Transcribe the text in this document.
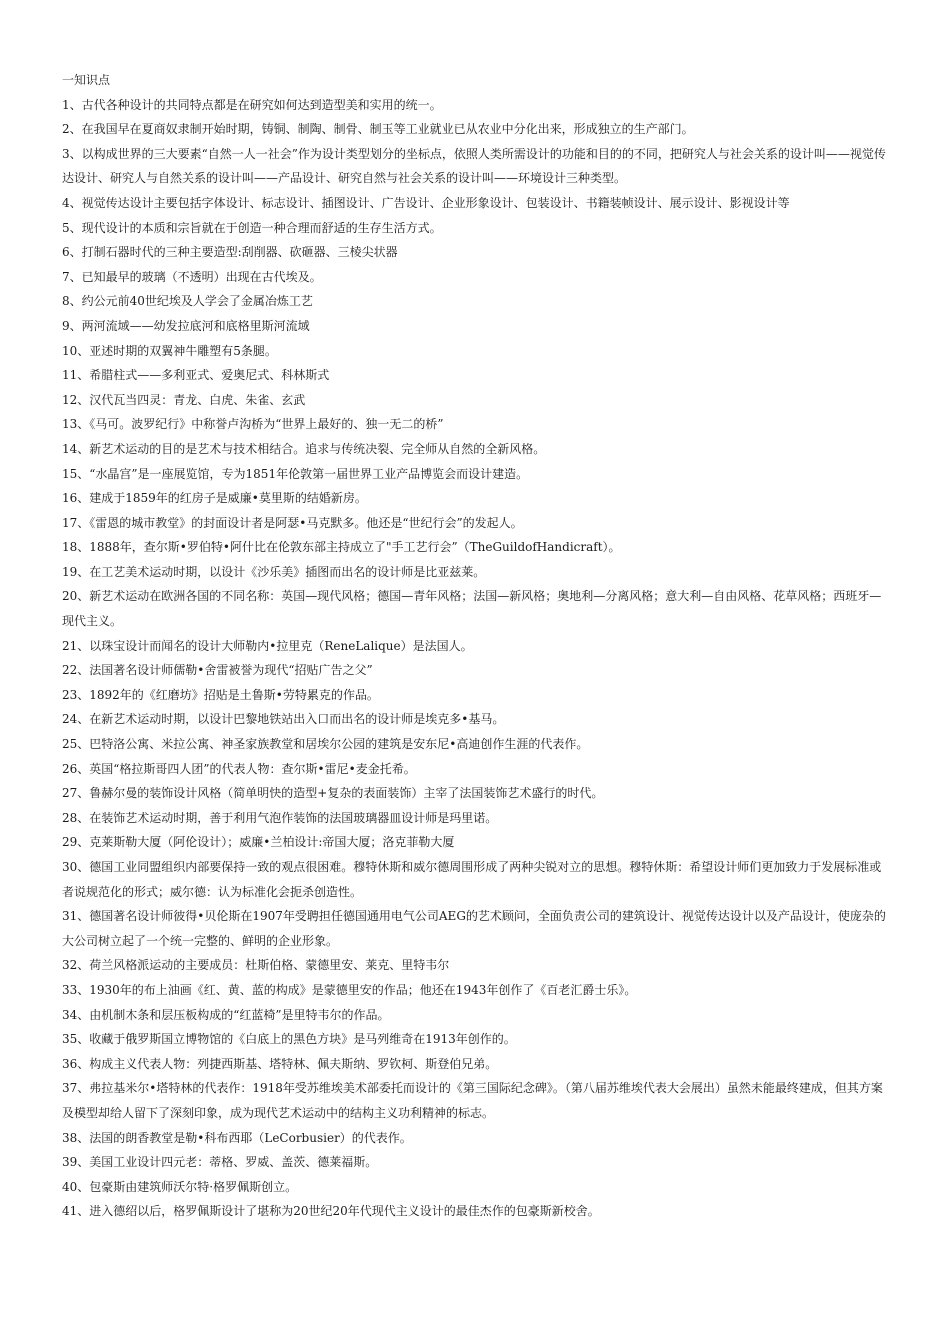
一知识点

1、古代各种设计的共同特点都是在研究如何达到造型美和实用的统一。

2、在我国早在夏商奴隶制开始时期，铸铜、制陶、制骨、制玉等工业就业已从农业中分化出来，形成独立的生产部门。

3、以构成世界的三大要素“自然一人一社会”作为设计类型划分的坐标点，依照人类所需设计的功能和目的的不同，把研究人与社会关系的设计叫——视觉传达设计、研究人与自然关系的设计叫——产品设计、研究自然与社会关系的设计叫——环境设计三种类型。

4、视觉传达设计主要包括字体设计、标志设计、插图设计、广告设计、企业形象设计、包装设计、书籍装帧设计、展示设计、影视设计等

5、现代设计的本质和宗旨就在于创造一种合理而舒适的生存生活方式。

6、打制石器时代的三种主要造型:刮削器、砍砸器、三棱尖状器

7、已知最早的玻璃（不透明）出现在古代埃及。

8、约公元前40世纪埃及人学会了金属冶炼工艺

9、两河流域——幼发拉底河和底格里斯河流域

10、亚述时期的双翼神牛雕塑有5条腿。

11、希腊柱式——多利亚式、爱奥尼式、科林斯式

12、汉代瓦当四灵：青龙、白虎、朱雀、玄武

13、《马可。波罗纪行》中称誉卢沟桥为“世界上最好的、独一无二的桥”

14、新艺术运动的目的是艺术与技术相结合。追求与传统决裂、完全师从自然的全新风格。

15、“水晶宫”是一座展览馆，专为1851年伦敦第一届世界工业产品博览会而设计建造。

16、建成于1859年的红房子是威廉•莫里斯的结婚新房。

17、《雷恩的城市教堂》的封面设计者是阿瑟•马克默多。他还是“世纪行会”的发起人。

18、1888年，查尔斯•罗伯特•阿什比在伦敦东部主持成立了"手工艺行会”（TheGuildofHandicraft）。

19、在工艺美术运动时期，以设计《沙乐美》插图而出名的设计师是比亚兹莱。

20、新艺术运动在欧洲各国的不同名称：英国—现代风格；德国—青年风格；法国—新风格；奥地利—分离风格；意大利—自由风格、花草风格；西班牙—现代主义。

21、以珠宝设计而闻名的设计大师勒内•拉里克（ReneLalique）是法国人。

22、法国著名设计师儒勒•舍雷被誉为现代“招贴广告之父”

23、1892年的《红磨坊》招贴是土鲁斯•劳特累克的作品。

24、在新艺术运动时期，以设计巴黎地铁站出入口而出名的设计师是埃克多•基马。

25、巴特洛公寓、米拉公寓、神圣家族教堂和居埃尔公园的建筑是安东尼•高迪创作生涯的代表作。

26、英国“格拉斯哥四人团”的代表人物：查尔斯•雷尼•麦金托希。

27、鲁赫尔曼的装饰设计风格（简单明快的造型+复杂的表面装饰）主宰了法国装饰艺术盛行的时代。

28、在装饰艺术运动时期，善于利用气泡作装饰的法国玻璃器皿设计师是玛里诺。

29、克莱斯勒大厦（阿伦设计）；威廉•兰柏设计:帝国大厦；洛克菲勒大厦

30、德国工业同盟组织内部要保持一致的观点很困难。穆特休斯和威尔德周围形成了两种尖锐对立的思想。穆特休斯：希望设计师们更加致力于发展标准或者说规范化的形式；威尔德：认为标准化会扼杀创造性。

31、德国著名设计师彼得•贝伦斯在1907年受聘担任德国通用电气公司AEG的艺术顾问，全面负责公司的建筑设计、视觉传达设计以及产品设计，使庞杂的大公司树立起了一个统一完整的、鲜明的企业形象。

32、荷兰风格派运动的主要成员：杜斯伯格、蒙德里安、莱克、里特韦尔

33、1930年的布上油画《红、黄、蓝的构成》是蒙德里安的作品；他还在1943年创作了《百老汇爵士乐》。

34、由机制木条和层压板构成的“红蓝椅”是里特韦尔的作品。

35、收藏于俄罗斯国立博物馆的《白底上的黑色方块》是马列维奇在1913年创作的。

36、构成主义代表人物：列捷西斯基、塔特林、佩夫斯纳、罗钦柯、斯登伯兄弟。

37、弗拉基米尔•塔特林的代表作：1918年受苏维埃美术部委托而设计的《第三国际纪念碑》。（第八届苏维埃代表大会展出）虽然未能最终建成，但其方案及模型却给人留下了深刻印象，成为现代艺术运动中的结构主义功利精神的标志。

38、法国的朗香教堂是勒•科布西耶（LeCorbusier）的代表作。

39、美国工业设计四元老：蒂格、罗威、盖茨、德莱福斯。

40、包豪斯由建筑师沃尔特·格罗佩斯创立。

41、进入德绍以后，格罗佩斯设计了堪称为20世纪20年代现代主义设计的最佳杰作的包豪斯新校舍。
